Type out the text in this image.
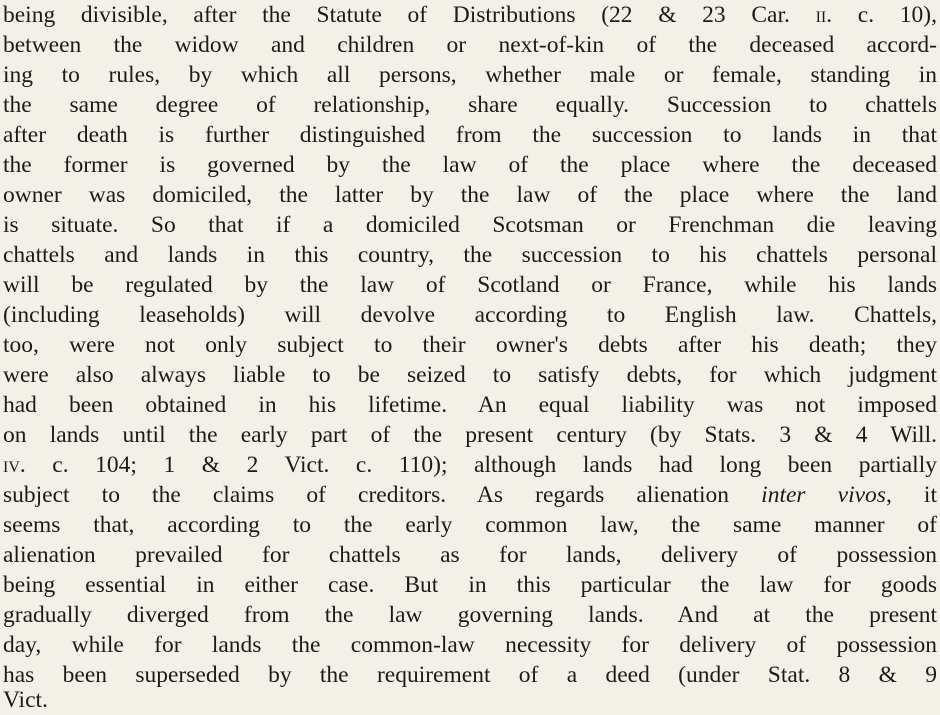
being divisible, after the Statute of Distributions (22 & 23 Car. ii. c. 10),
between the widow and children or next-of-kin of the deceased accord-
ing to rules, by which all persons, whether male or female, standing in
the same degree of relationship, share equally. Succession to chattels
after death is further distinguished from the succession to lands in that
the former is governed by the law of the place where the deceased
owner was domiciled, the latter by the law of the place where the land
is situate. So that if a domiciled Scotsman or Frenchman die leaving
chattels and lands in this country, the succession to his chattels personal
will be regulated by the law of Scotland or France, while his lands
(including leaseholds) will devolve according to English law. Chattels,
too, were not only subject to their owner's debts after his death; they
were also always liable to be seized to satisfy debts, for which judgment
had been obtained in his lifetime. An equal liability was not imposed
on lands until the early part of the present century (by Stats. 3 & 4 Will.
iv. c. 104; 1 & 2 Vict. c. 110); although lands had long been partially
subject to the claims of creditors. As regards alienation inter vivos, it
seems that, according to the early common law, the same manner of
alienation prevailed for chattels as for lands, delivery of possession
being essential in either case. But in this particular the law for goods
gradually diverged from the law governing lands. And at the present
day, while for lands the common-law necessity for delivery of possession
has been superseded by the requirement of a deed (under Stat. 8 & 9
Vict.
